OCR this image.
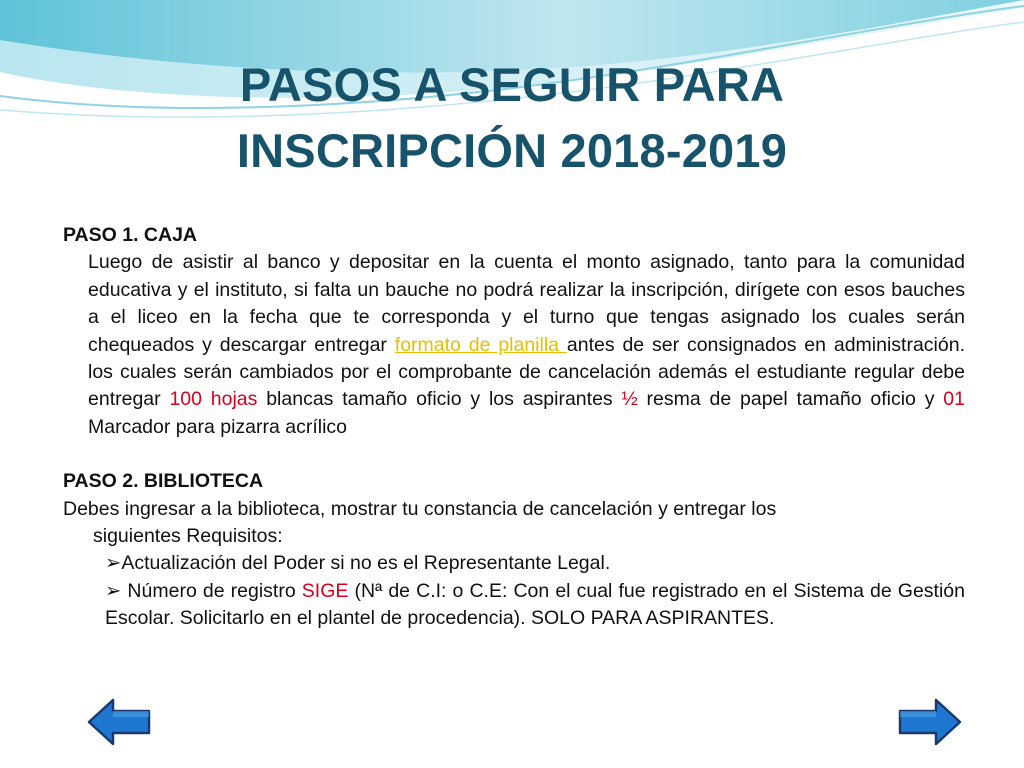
PASOS A SEGUIR PARA
INSCRIPCIÓN 2018-2019
PASO 1. CAJA
Luego de asistir al banco y depositar en la cuenta el monto asignado, tanto para la comunidad educativa y el instituto, si falta un bauche no podrá realizar la inscripción, dirígete con esos bauches a el liceo en la fecha que te corresponda y el turno que tengas asignado los cuales serán chequeados y descargar entregar formato de planilla antes de ser consignados en administración. los cuales serán cambiados por el comprobante de cancelación además el estudiante regular debe entregar 100 hojas blancas tamaño oficio y los aspirantes ½ resma de papel tamaño oficio y 01 Marcador para pizarra acrílico
PASO 2. BIBLIOTECA
Debes ingresar a la biblioteca, mostrar tu constancia de cancelación y entregar los
siguientes Requisitos:
➢Actualización del Poder si no es el Representante Legal.
➢ Número de registro SIGE (Nª de C.I: o C.E: Con el cual fue registrado en el Sistema de Gestión Escolar. Solicitarlo en el plantel de procedencia). SOLO PARA ASPIRANTES.
